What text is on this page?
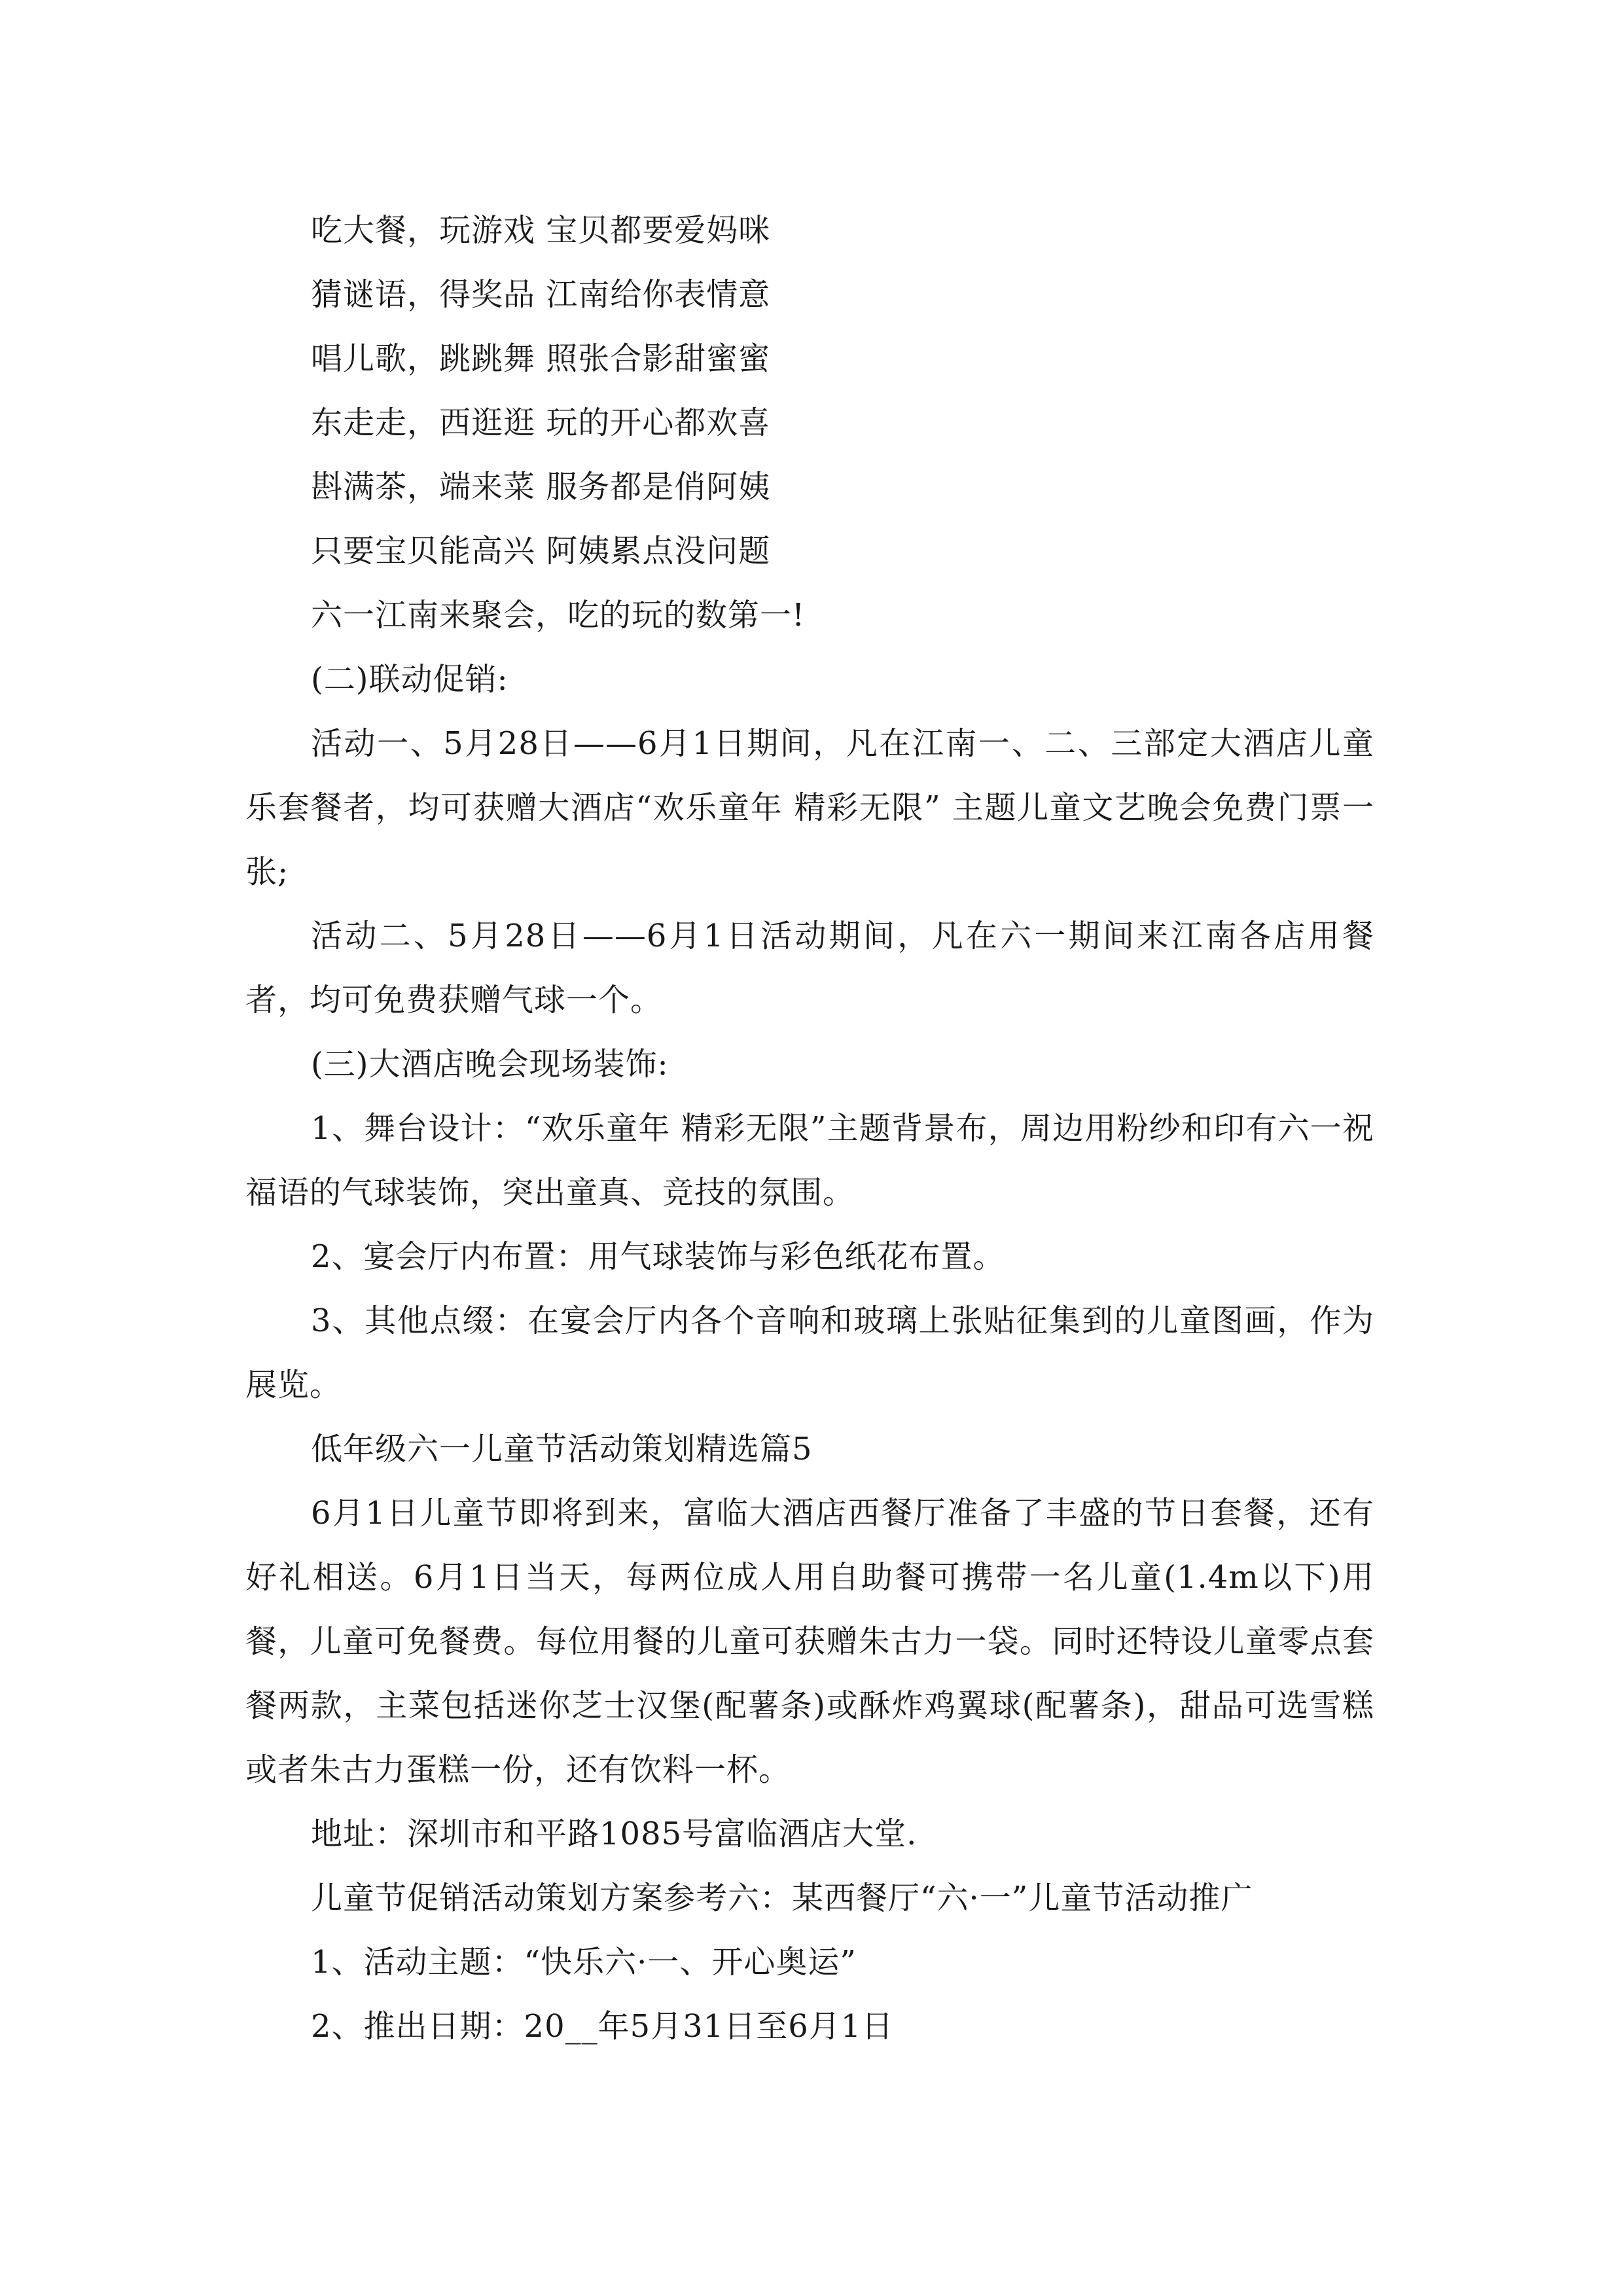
吃大餐，玩游戏 宝贝都要爱妈咪
猜谜语，得奖品 江南给你表情意
唱儿歌，跳跳舞 照张合影甜蜜蜜
东走走，西逛逛 玩的开心都欢喜
斟满茶，端来菜 服务都是俏阿姨
只要宝贝能高兴 阿姨累点没问题
六一江南来聚会，吃的玩的数第一!
(二)联动促销:
活动一、5月28日——6月1日期间，凡在江南一、二、三部定大酒店儿童乐套餐者，均可获赠大酒店“欢乐童年 精彩无限” 主题儿童文艺晚会免费门票一张;
活动二、5月28日——6月1日活动期间，凡在六一期间来江南各店用餐者，均可免费获赠气球一个。
(三)大酒店晚会现场装饰:
1、舞台设计：“欢乐童年 精彩无限”主题背景布，周边用粉纱和印有六一祝福语的气球装饰，突出童真、竞技的氛围。
2、宴会厅内布置：用气球装饰与彩色纸花布置。
3、其他点缀：在宴会厅内各个音响和玻璃上张贴征集到的儿童图画，作为展览。
低年级六一儿童节活动策划精选篇5
6月1日儿童节即将到来，富临大酒店西餐厅准备了丰盛的节日套餐，还有好礼相送。6月1日当天，每两位成人用自助餐可携带一名儿童(1.4m以下)用餐，儿童可免餐费。每位用餐的儿童可获赠朱古力一袋。同时还特设儿童零点套餐两款，主菜包括迷你芝士汉堡(配薯条)或酥炸鸡翼球(配薯条)，甜品可选雪糕或者朱古力蛋糕一份，还有饮料一杯。
地址：深圳市和平路1085号富临酒店大堂.
儿童节促销活动策划方案参考六：某西餐厅“六·一”儿童节活动推广
1、活动主题：“快乐六·一、开心奥运”
2、推出日期：20__年5月31日至6月1日
